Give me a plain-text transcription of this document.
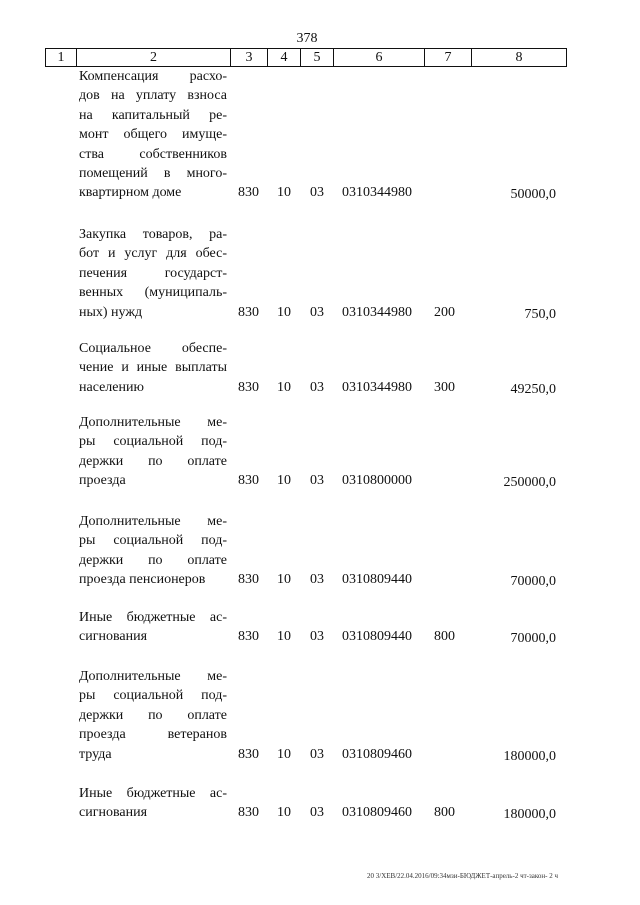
378
1	2	3	4	5	6	7	8
Компенсация расхо-
дов на уплату взноса
на капитальный ре-
монт общего имуще-
ства собственников
помещений в много-
квартирном доме	830 10 03 0310344980	50000,0
Закупка товаров, ра-
бот и услуг для обес-
печения государст-
венных (муниципаль-
ных) нужд	830 10 03 0310344980 200	750,0
Социальное обеспе-
чение и иные выплаты
населению	830 10 03 0310344980 300	49250,0
Дополнительные ме-
ры социальной под-
держки по оплате
проезда	830 10 03 0310800000	250000,0
Дополнительные ме-
ры социальной под-
держки по оплате
проезда пенсионеров	830 10 03 0310809440	70000,0
Иные бюджетные ас-
сигнования	830 10 03 0310809440 800	70000,0
Дополнительные ме-
ры социальной под-
держки по оплате
проезда ветеранов
труда	830 10 03 0310809460	180000,0
Иные бюджетные ас-
сигнования	830 10 03 0310809460 800	180000,0
20 3/ХЕВ/22.04.2016/09:34мзи-БЮДЖЕТ-апрель-2 чт-закон- 2 ч
